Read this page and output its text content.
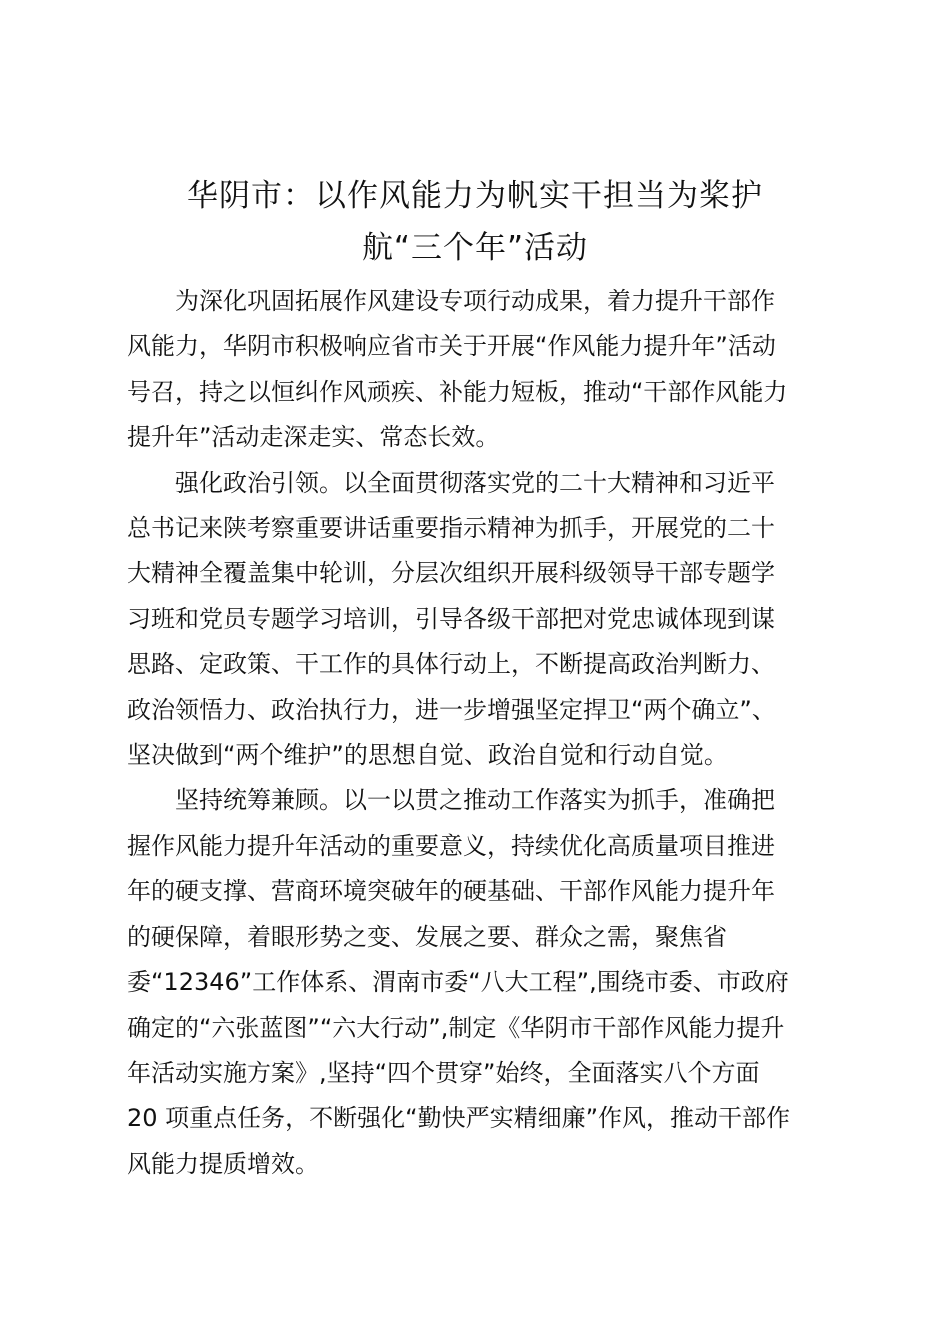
华阴市：以作风能力为帆实干担当为桨护
航“三个年”活动

　　为深化巩固拓展作风建设专项行动成果，着力提升干部作
风能力，华阴市积极响应省市关于开展“作风能力提升年”活动
号召，持之以恒纠作风顽疾、补能力短板，推动“干部作风能力
提升年”活动走深走实、常态长效。

　　强化政治引领。以全面贯彻落实党的二十大精神和习近平
总书记来陕考察重要讲话重要指示精神为抓手，开展党的二十
大精神全覆盖集中轮训，分层次组织开展科级领导干部专题学
习班和党员专题学习培训，引导各级干部把对党忠诚体现到谋
思路、定政策、干工作的具体行动上，不断提高政治判断力、
政治领悟力、政治执行力，进一步增强坚定捍卫“两个确立”、
坚决做到“两个维护”的思想自觉、政治自觉和行动自觉。

　　坚持统筹兼顾。以一以贯之推动工作落实为抓手，准确把
握作风能力提升年活动的重要意义，持续优化高质量项目推进
年的硬支撑、营商环境突破年的硬基础、干部作风能力提升年
的硬保障，着眼形势之变、发展之要、群众之需，聚焦省
委“12346”工作体系、渭南市委“八大工程”,围绕市委、市政府
确定的“六张蓝图”“六大行动”,制定《华阴市干部作风能力提升
年活动实施方案》,坚持“四个贯穿”始终，全面落实八个方面
20 项重点任务，不断强化“勤快严实精细廉”作风，推动干部作
风能力提质增效。
